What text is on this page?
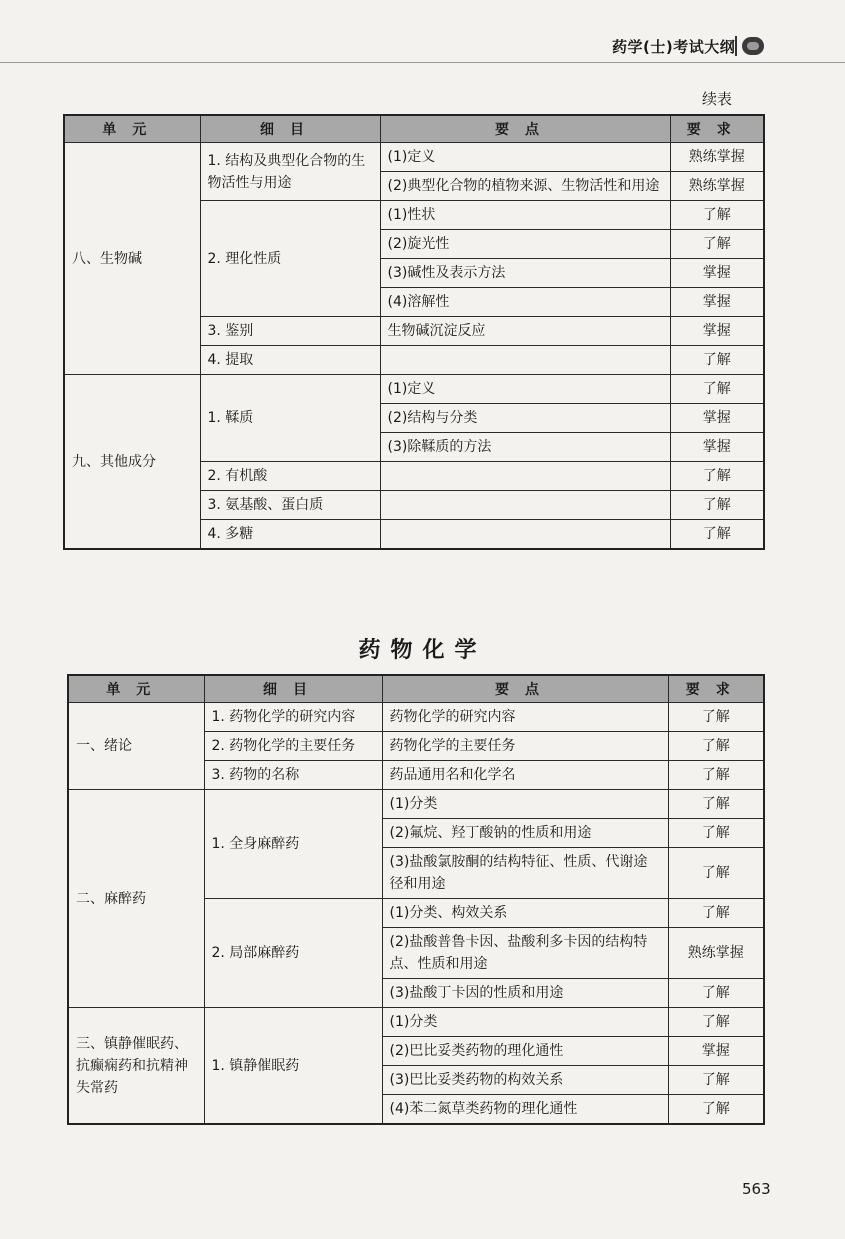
药学(士)考试大纲
续表
单元	细目	要点	要求
八、生物碱	1. 结构及典型化合物的生物活性与用途	(1)定义	熟练掌握
		(2)典型化合物的植物来源、生物活性和用途	熟练掌握
	2. 理化性质	(1)性状	了解
		(2)旋光性	了解
		(3)碱性及表示方法	掌握
		(4)溶解性	掌握
	3. 鉴别	生物碱沉淀反应	掌握
	4. 提取		了解
九、其他成分	1. 鞣质	(1)定义	了解
		(2)结构与分类	掌握
		(3)除鞣质的方法	掌握
	2. 有机酸		了解
	3. 氨基酸、蛋白质		了解
	4. 多糖		了解
药物化学
单元	细目	要点	要求
一、绪论	1. 药物化学的研究内容	药物化学的研究内容	了解
	2. 药物化学的主要任务	药物化学的主要任务	了解
	3. 药物的名称	药品通用名和化学名	了解
二、麻醉药	1. 全身麻醉药	(1)分类	了解
		(2)氟烷、羟丁酸钠的性质和用途	了解
		(3)盐酸氯胺酮的结构特征、性质、代谢途径和用途	了解
	2. 局部麻醉药	(1)分类、构效关系	了解
		(2)盐酸普鲁卡因、盐酸利多卡因的结构特点、性质和用途	熟练掌握
		(3)盐酸丁卡因的性质和用途	了解
三、镇静催眠药、抗癫痫药和抗精神失常药	1. 镇静催眠药	(1)分类	了解
		(2)巴比妥类药物的理化通性	掌握
		(3)巴比妥类药物的构效关系	了解
		(4)苯二氮草类药物的理化通性	了解
563
